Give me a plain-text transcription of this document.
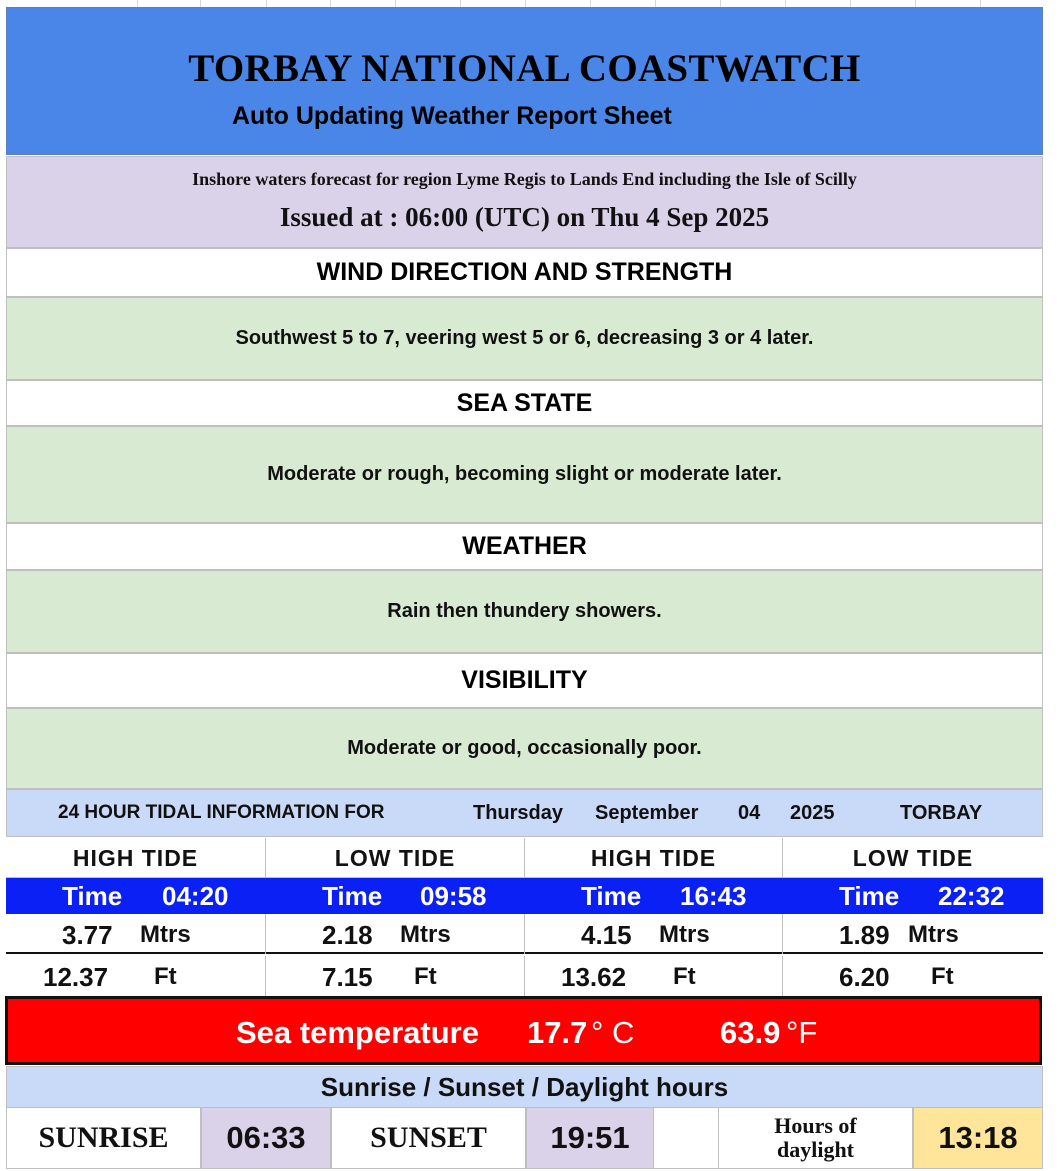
TORBAY NATIONAL COASTWATCH
Auto Updating Weather Report Sheet
Inshore waters forecast for region Lyme Regis to Lands End including the Isle of Scilly
Issued at : 06:00 (UTC) on Thu 4 Sep 2025
WIND DIRECTION AND STRENGTH
Southwest 5 to 7, veering west 5 or 6, decreasing 3 or 4 later.
SEA STATE
Moderate or rough, becoming slight or moderate later.
WEATHER
Rain then thundery showers.
VISIBILITY
Moderate or good, occasionally poor.
24 HOUR TIDAL INFORMATION FOR	Thursday September 04 2025	TORBAY
HIGH TIDE	LOW TIDE	HIGH TIDE	LOW TIDE
Time 04:20	Time 09:58	Time 16:43	Time 22:32
3.77 Mtrs	2.18 Mtrs	4.15 Mtrs	1.89 Mtrs
12.37 Ft	7.15 Ft	13.62 Ft	6.20 Ft
Sea temperature 17.7 ° C	63.9 °F
Sunrise / Sunset / Daylight hours
SUNRISE	06:33	SUNSET	19:51	Hours of daylight	13:18
